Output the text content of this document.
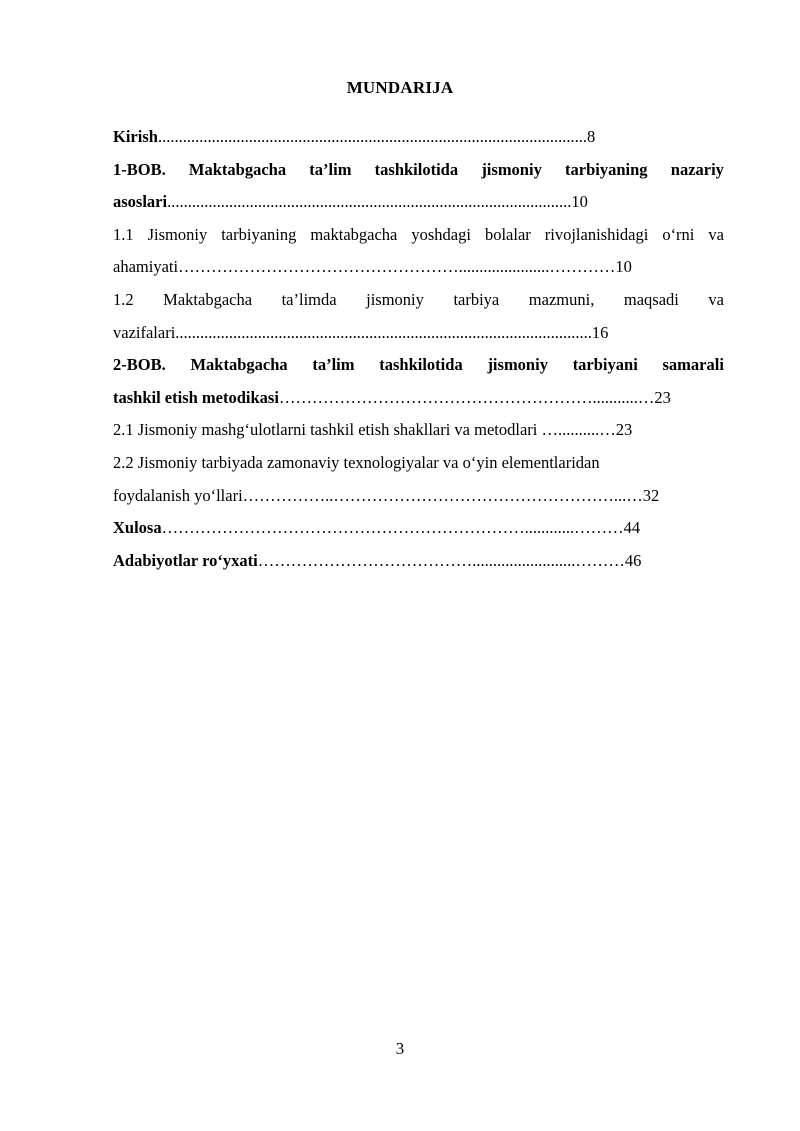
MUNDARIJA
Kirish........................................................................................................8
1-BOB. Maktabgacha ta’lim tashkilotida jismoniy tarbiyaning nazariy
asoslari..................................................................................................10
1.1 Jismoniy tarbiyaning maktabgacha yoshdagi bolalar rivojlanishidagi o‘rni va
ahamiyati……………………………………………......................…………10
1.2 Maktabgacha ta’limda jismoniy tarbiya mazmuni, maqsadi va
vazifalari.....................................................................................................16
2-BOB. Maktabgacha ta’lim tashkilotida jismoniy tarbiyani samarali
tashkil etish metodikasi…………………………………………………...........…23
2.1 Jismoniy mashg‘ulotlarni tashkil etish shakllari va metodlari …..........…23
2.2 Jismoniy tarbiyada zamonaviy texnologiyalar va o‘yin elementlaridan
foydalanish yo‘llari……………..……………………………………………...…32
Xulosa…………………………………………………………............………44
Adabiyotlar ro‘yxati………………………………….........................………46
3
